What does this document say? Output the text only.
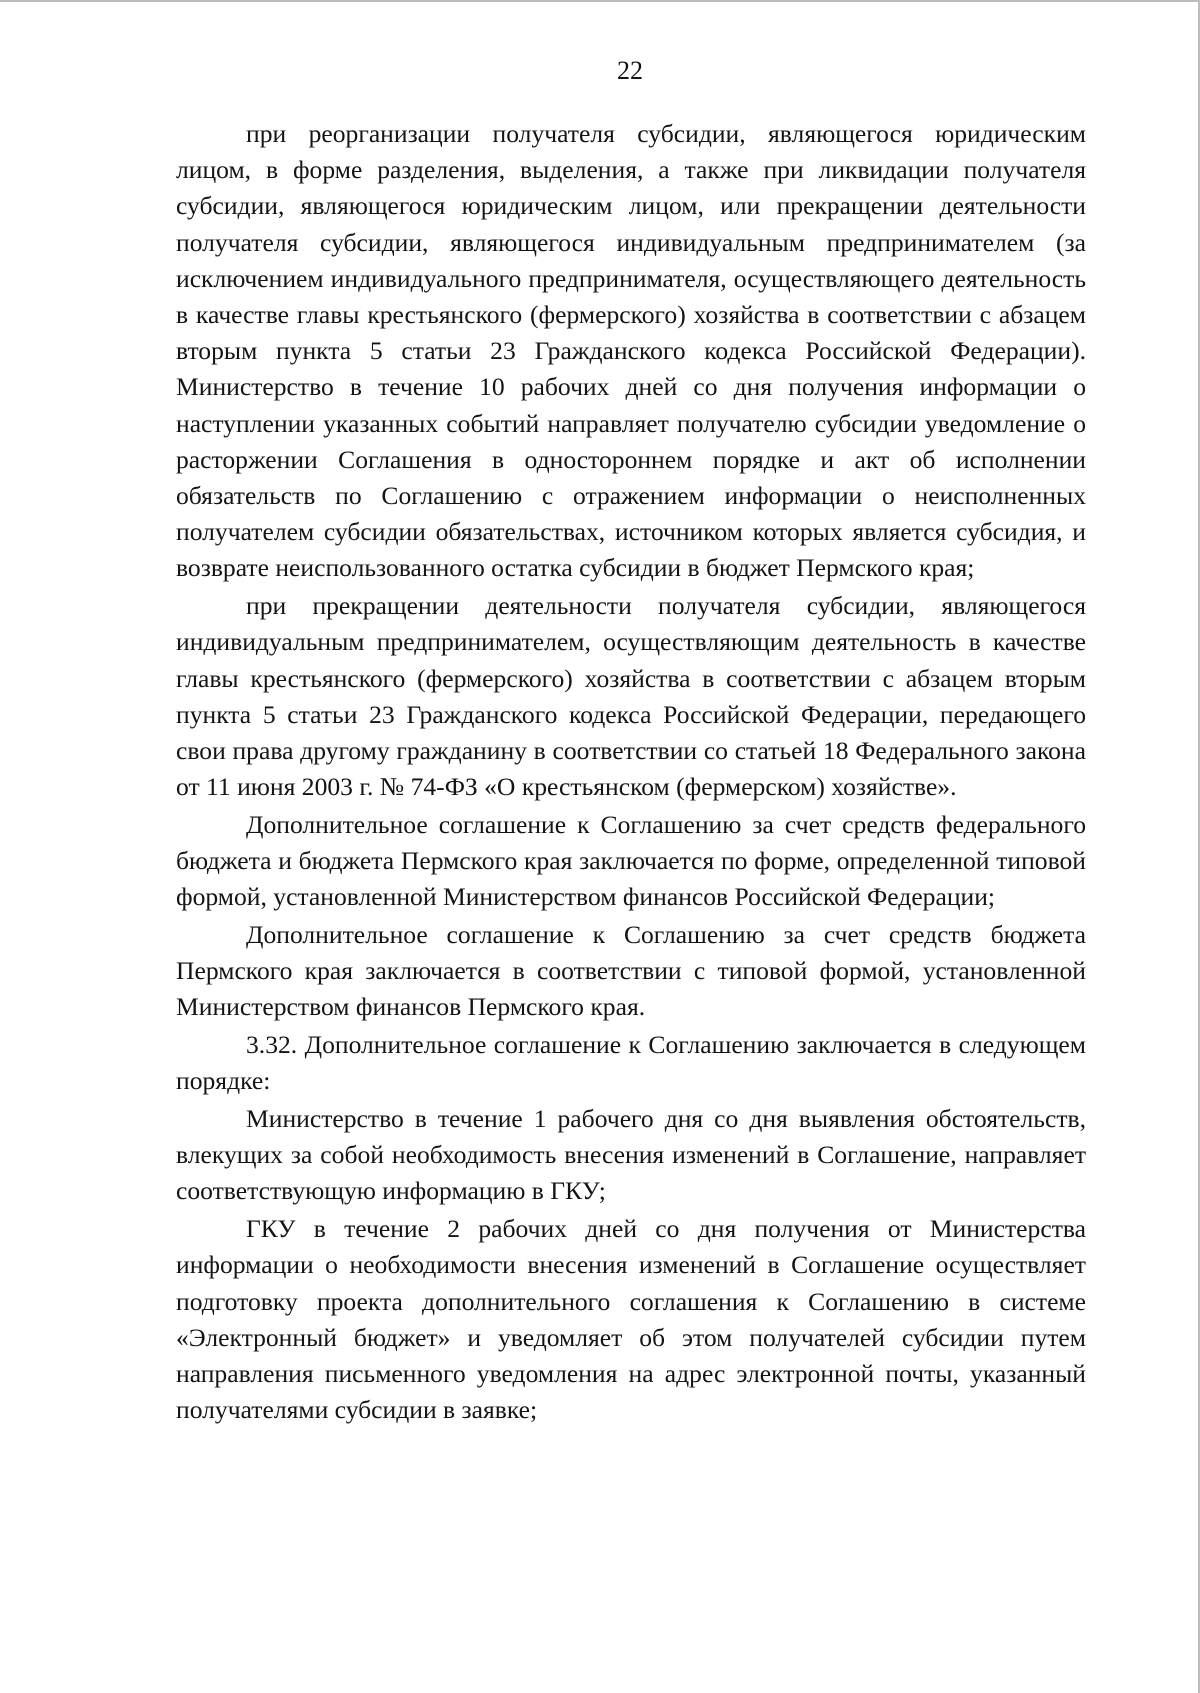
22

при реорганизации получателя субсидии, являющегося юридическим лицом, в форме разделения, выделения, а также при ликвидации получателя субсидии, являющегося юридическим лицом, или прекращении деятельности получателя субсидии, являющегося индивидуальным предпринимателем (за исключением индивидуального предпринимателя, осуществляющего деятельность в качестве главы крестьянского (фермерского) хозяйства в соответствии с абзацем вторым пункта 5 статьи 23 Гражданского кодекса Российской Федерации). Министерство в течение 10 рабочих дней со дня получения информации о наступлении указанных событий направляет получателю субсидии уведомление о расторжении Соглашения в одностороннем порядке и акт об исполнении обязательств по Соглашению с отражением информации о неисполненных получателем субсидии обязательствах, источником которых является субсидия, и возврате неиспользованного остатка субсидии в бюджет Пермского края;

при прекращении деятельности получателя субсидии, являющегося индивидуальным предпринимателем, осуществляющим деятельность в качестве главы крестьянского (фермерского) хозяйства в соответствии с абзацем вторым пункта 5 статьи 23 Гражданского кодекса Российской Федерации, передающего свои права другому гражданину в соответствии со статьей 18 Федерального закона от 11 июня 2003 г. № 74-ФЗ «О крестьянском (фермерском) хозяйстве».

Дополнительное соглашение к Соглашению за счет средств федерального бюджета и бюджета Пермского края заключается по форме, определенной типовой формой, установленной Министерством финансов Российской Федерации;

Дополнительное соглашение к Соглашению за счет средств бюджета Пермского края заключается в соответствии с типовой формой, установленной Министерством финансов Пермского края.

3.32. Дополнительное соглашение к Соглашению заключается в следующем порядке:

Министерство в течение 1 рабочего дня со дня выявления обстоятельств, влекущих за собой необходимость внесения изменений в Соглашение, направляет соответствующую информацию в ГКУ;

ГКУ в течение 2 рабочих дней со дня получения от Министерства информации о необходимости внесения изменений в Соглашение осуществляет подготовку проекта дополнительного соглашения к Соглашению в системе «Электронный бюджет» и уведомляет об этом получателей субсидии путем направления письменного уведомления на адрес электронной почты, указанный получателями субсидии в заявке;
